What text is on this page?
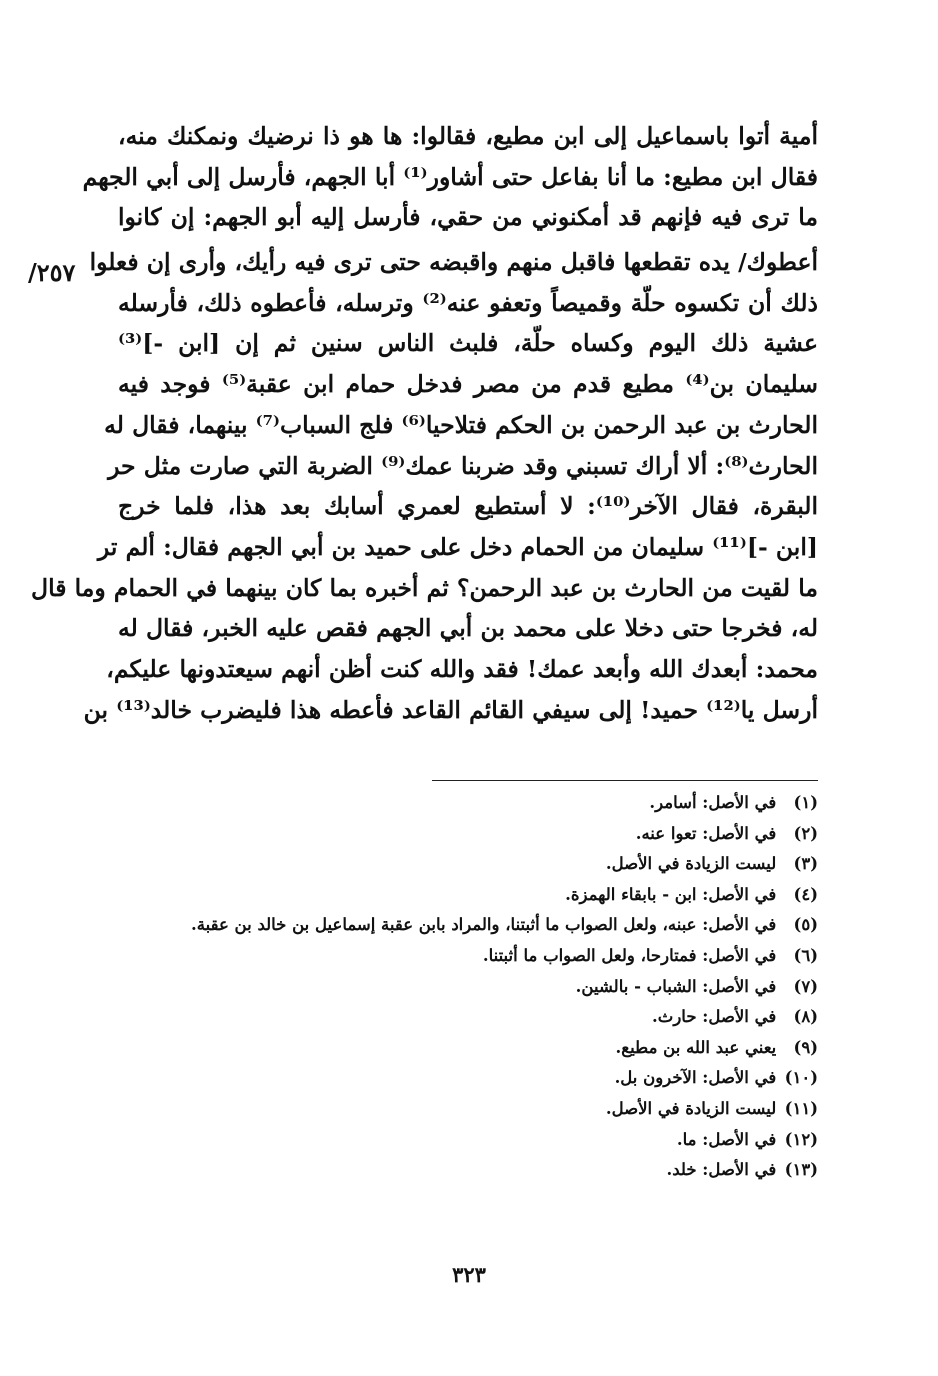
٢٥٧/
أمية أتوا باسماعيل إلى ابن مطيع، فقالوا: ها هو ذا نرضيك ونمكنك منه،
فقال ابن مطيع: ما أنا بفاعل حتى أشاور⁽¹⁾ أبا الجهم، فأرسل إلى أبي الجهم
ما ترى فيه فإنهم قد أمكنوني من حقي، فأرسل إليه أبو الجهم: إن كانوا
أعطوك/ يده تقطعها فاقبل منهم واقبضه حتى ترى فيه رأيك، وأرى إن فعلوا
ذلك أن تكسوه حلّة وقميصاً وتعفو عنه⁽²⁾ وترسله، فأعطوه ذلك، فأرسله
عشية ذلك اليوم وكساه حلّة، فلبث الناس سنين ثم إن [ابن -]⁽³⁾
سليمان بن⁽⁴⁾ مطيع قدم من مصر فدخل حمام ابن عقبة⁽⁵⁾ فوجد فيه
الحارث بن عبد الرحمن بن الحكم فتلاحيا⁽⁶⁾ فلج السباب⁽⁷⁾ بينهما، فقال له
الحارث⁽⁸⁾: ألا أراك تسبني وقد ضربنا عمك⁽⁹⁾ الضربة التي صارت مثل حر
البقرة، فقال الآخر⁽¹⁰⁾: لا أستطيع لعمري أسابك بعد هذا، فلما خرج
[ابن -]⁽¹¹⁾ سليمان من الحمام دخل على حميد بن أبي الجهم فقال: ألم تر
ما لقيت من الحارث بن عبد الرحمن؟ ثم أخبره بما كان بينهما في الحمام وما قال
له، فخرجا حتى دخلا على محمد بن أبي الجهم فقص عليه الخبر، فقال له
محمد: أبعدك الله وأبعد عمك! فقد والله كنت أظن أنهم سيعتدونها عليكم،
أرسل يا⁽¹²⁾ حميد! إلى سيفي القائم القاعد فأعطه هذا فليضرب خالد⁽¹³⁾ بن
(١) في الأصل: أسامر.
(٢) في الأصل: تعوا عنه.
(٣) ليست الزيادة في الأصل.
(٤) في الأصل: ابن - بابقاء الهمزة.
(٥) في الأصل: عبنه، ولعل الصواب ما أثبتنا، والمراد بابن عقبة إسماعيل بن خالد بن عقبة.
(٦) في الأصل: فمتارحا، ولعل الصواب ما أثبتنا.
(٧) في الأصل: الشباب - بالشين.
(٨) في الأصل: حارث.
(٩) يعني عبد الله بن مطيع.
(١٠) في الأصل: الآخرون بل.
(١١) ليست الزيادة في الأصل.
(١٢) في الأصل: ما.
(١٣) في الأصل: خلد.
٣٢٣
